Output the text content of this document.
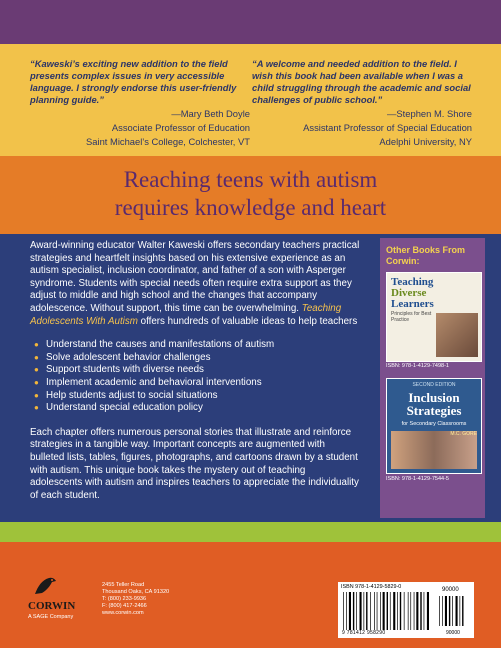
“Kaweski’s exciting new addition to the field presents complex issues in very accessible language. I strongly endorse this user-friendly planning guide.”
—Mary Beth Doyle
Associate Professor of Education
Saint Michael’s College, Colchester, VT
“A welcome and needed addition to the field. I wish this book had been available when I was a child struggling through the academic and social challenges of public school.”
—Stephen M. Shore
Assistant Professor of Special Education
Adelphi University, NY
Reaching teens with autism
requires knowledge and heart

Award-winning educator Walter Kaweski offers secondary teachers practical strategies and heartfelt insights based on his extensive experience as an autism specialist, inclusion coordinator, and father of a son with Asperger syndrome. Students with special needs often require extra support as they adjust to middle and high school and the changes that accompany adolescence. Without support, this time can be overwhelming. Teaching Adolescents With Autism offers hundreds of valuable ideas to help teachers

● Understand the causes and manifestations of autism
● Solve adolescent behavior challenges
● Support students with diverse needs
● Implement academic and behavioral interventions
● Help students adjust to social situations
● Understand special education policy

Each chapter offers numerous personal stories that illustrate and reinforce strategies in a tangible way. Important concepts are augmented with bulleted lists, tables, figures, photographs, and cartoons drawn by a student with autism. This unique book takes the mystery out of teaching adolescents with autism and inspires teachers to appreciate the individuality of each student.

Other Books From Corwin:
Teaching
Diverse
Learners
Principles for Best Practice
ISBN: 978-1-4129-7498-1
SECOND EDITION
Inclusion
Strategies
for Secondary Classrooms
M.C. GORE
ISBN: 978-1-4129-7544-5
CORWIN
A SAGE Company
2455 Teller Road
Thousand Oaks, CA 91320
T: (800) 233-9936
F: (800) 417-2466
www.corwin.com
ISBN 978-1-4129-5829-0	90000
9 781412 958290	90000
